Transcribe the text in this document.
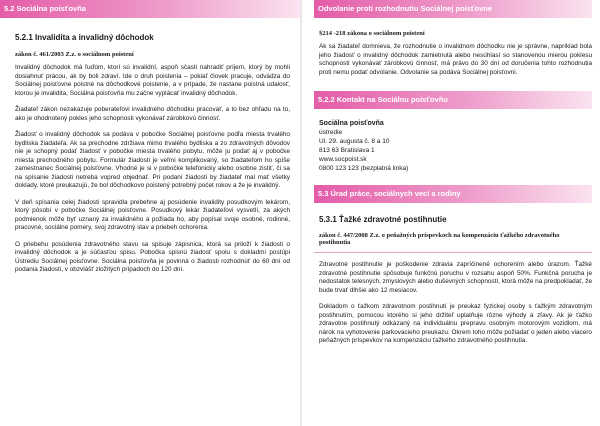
5.2 Sociálna poisťovňa
5.2.1 Invalidita a invalidný dôchodok
zákon č. 461/2003 Z.z. o sociálnom poistení

Invalidný dôchodok má ľuďom, ktorí sú invalidní, aspoň sčasti nahradiť príjem, ktorý by mohli dosiahnuť prácou, ak by boli zdraví. Ide o druh poistenia – pokiaľ človek pracuje, odvádza do Sociálnej poisťovne poistné na dôchodkové poistenie, a v prípade, že nastane poistná udalosť, ktorou je invalidita, Sociálna poisťovňa mu začne vyplácať invalidný dôchodok.

Žiadateľ zákon nezakazuje poberateľovi invalidného dôchodku pracovať, a to bez ohľadu na to, ako je ohodnotený pokles jeho schopnosti vykonávať zárobkovú činnosť.

Žiadosť o invalidný dôchodok sa podáva v pobočke Sociálnej poisťovne podľa miesta trvalého bydliska žiadateľa. Ak sa prechodne zdržiava mimo trvalého bydliska a zo zdravotných dôvodov nie je schopný podať žiadosť v pobočke miesta trvalého pobytu, môže ju podať aj v pobočke miesta prechodného pobytu. Formulár žiadosti je veľmi komplikovaný, so žiadateľom ho spíše zamestnanec Sociálnej poisťovne. Vhodné je si v pobočke telefonicky alebo osobne zistiť, či sa na spísanie žiadosti netreba vopred objednať. Pri podaní žiadosti by žiadateľ mal mať všetky doklady, ktoré preukazujú, že bol dôchodkovo poistený potrebný počet rokov a že je invalidný.

V deň spísania celej žiadosti spravidla prebehne aj posúdenie invalidity posudkovým lekárom, ktorý pôsobí v pobočke Sociálnej poisťovne. Posudkový lekár žiadateľovi vysvetlí, za akých podmienok môže byť uznaný za invalidného a požiada ho, aby popísal svoje osobné, rodinné, pracovné, sociálne pomery, svoj zdravotný stav a priebeh ochorenia.

O priebehu posúdenia zdravotného stavu sa spisuje zápisnica, ktorá sa priloží k žiadosti o invalidný dôchodok a je súčasťou spisu. Pobočka spisnú žiadosť spolu s dokladmi postúpi Ústrediu Sociálnej poisťovne. Sociálna poisťovňa je povinná o žiadosti rozhodnúť do 60 dní od podania žiadosti, v obzvlášť zložitých prípadoch do 120 dní.

Odvolanie proti rozhodnutiu Sociálnej poisťovne
§214 -218 zákona o sociálnom poistení

Ak sa žiadateľ domnieva, že rozhodnutie o invalidnom dôchodku nie je správne, napríklad bola jeho žiadosť o invalidný dôchodok zamietnutá alebo nesúhlasí so stanovenou mierou poklesu schopnosti vykonávať zárobkovú činnosť, má právo do 30 dní od doručenia tohto rozhodnutia proti nemu podať odvolanie. Odvolanie sa podáva Sociálnej poisťovni.

5.2.2 Kontakt na Sociálnu poisťovňu
Sociálna poisťovňa
ústredie
Ul. 29. augusta č. 8 a 10
813 63 Bratislava 1
www.socpoist.sk
0800 123 123 (bezplatná linka)
5.3 Úrad práce, sociálnych vecí a rodiny
5.3.1 Ťažké zdravotné postihnutie
zákon č. 447/2008 Z.z. o peňažných príspevkoch na kompenzáciu ťažkého zdravotného postihnutia

Zdravotné postihnutie je poškodenie zdravia zapríčinené ochorením alebo úrazom. Ťažké zdravotné postihnutie spôsobuje funkčnú poruchu v rozsahu aspoň 50%. Funkčná porucha je nedostatok telesných, zmyslových alebo duševných schopností, ktorá môže na predpokladať, že bude trvať dlhšie ako 12 mesiacov.

Dokladom o ťažkom zdravotnom postihnutí je preukaz fyzickej osoby s ťažkým zdravotným postihnutím, pomocou ktorého si jeho držiteľ uplatňuje rôzne výhody a zľavy. Ak je ťažko zdravotne postihnutý odkázaný na individuálnu prepravu osobným motorovým vozidlom, má nárok na vyhotovenie parkovacieho preukazu. Okrem toho môže požiadať o jeden alebo viacero peňažných príspevkov na kompenzáciu ťažkého zdravotného postihnutia.
